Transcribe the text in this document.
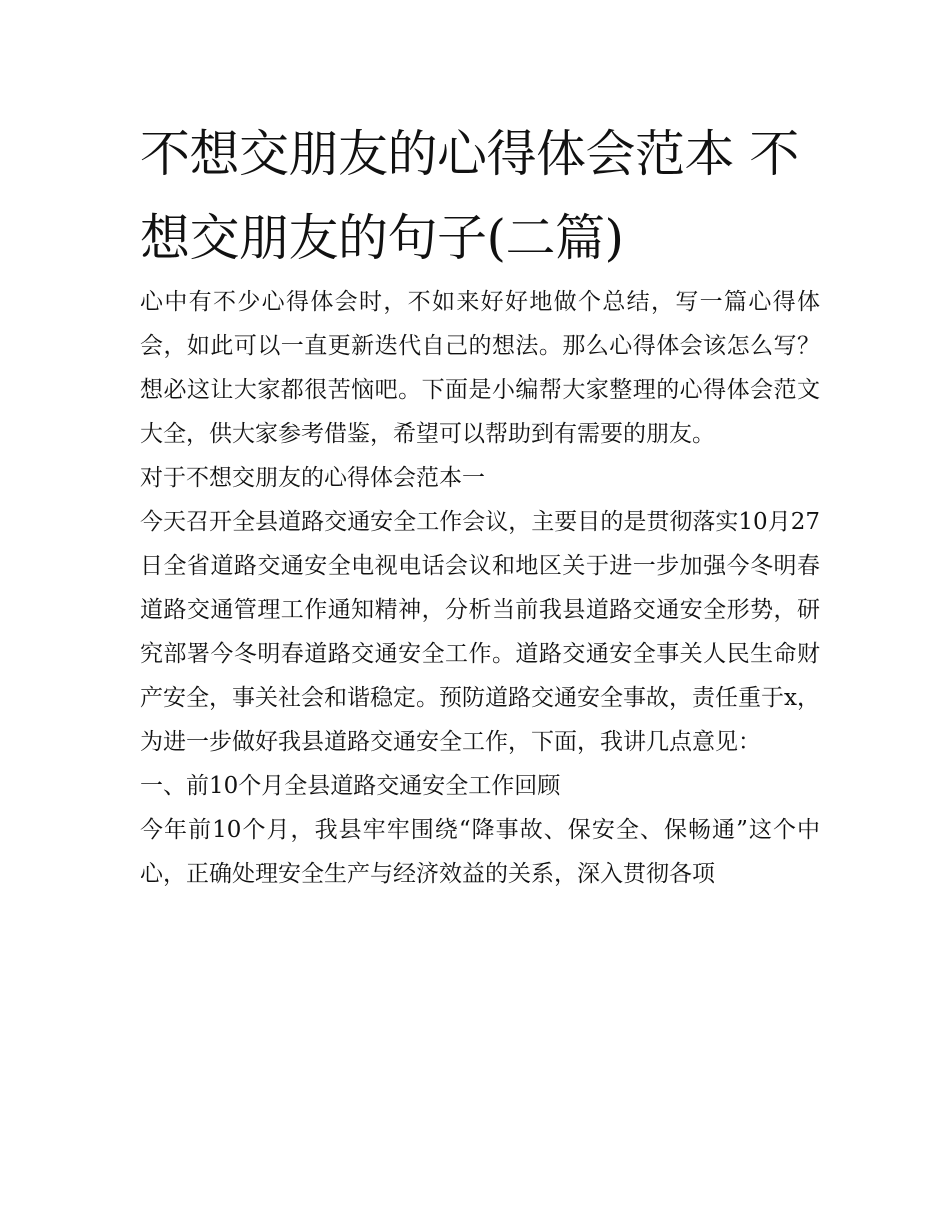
不想交朋友的心得体会范本 不想交朋友的句子(二篇)

心中有不少心得体会时，不如来好好地做个总结，写一篇心得体会，如此可以一直更新迭代自己的想法。那么心得体会该怎么写？想必这让大家都很苦恼吧。下面是小编帮大家整理的心得体会范文大全，供大家参考借鉴，希望可以帮助到有需要的朋友。

对于不想交朋友的心得体会范本一

今天召开全县道路交通安全工作会议，主要目的是贯彻落实10月27日全省道路交通安全电视电话会议和地区关于进一步加强今冬明春道路交通管理工作通知精神，分析当前我县道路交通安全形势，研究部署今冬明春道路交通安全工作。道路交通安全事关人民生命财产安全，事关社会和谐稳定。预防道路交通安全事故，责任重于x，为进一步做好我县道路交通安全工作，下面，我讲几点意见：

一、前10个月全县道路交通安全工作回顾

今年前10个月，我县牢牢围绕“降事故、保安全、保畅通”这个中心，正确处理安全生产与经济效益的关系，深入贯彻各项
